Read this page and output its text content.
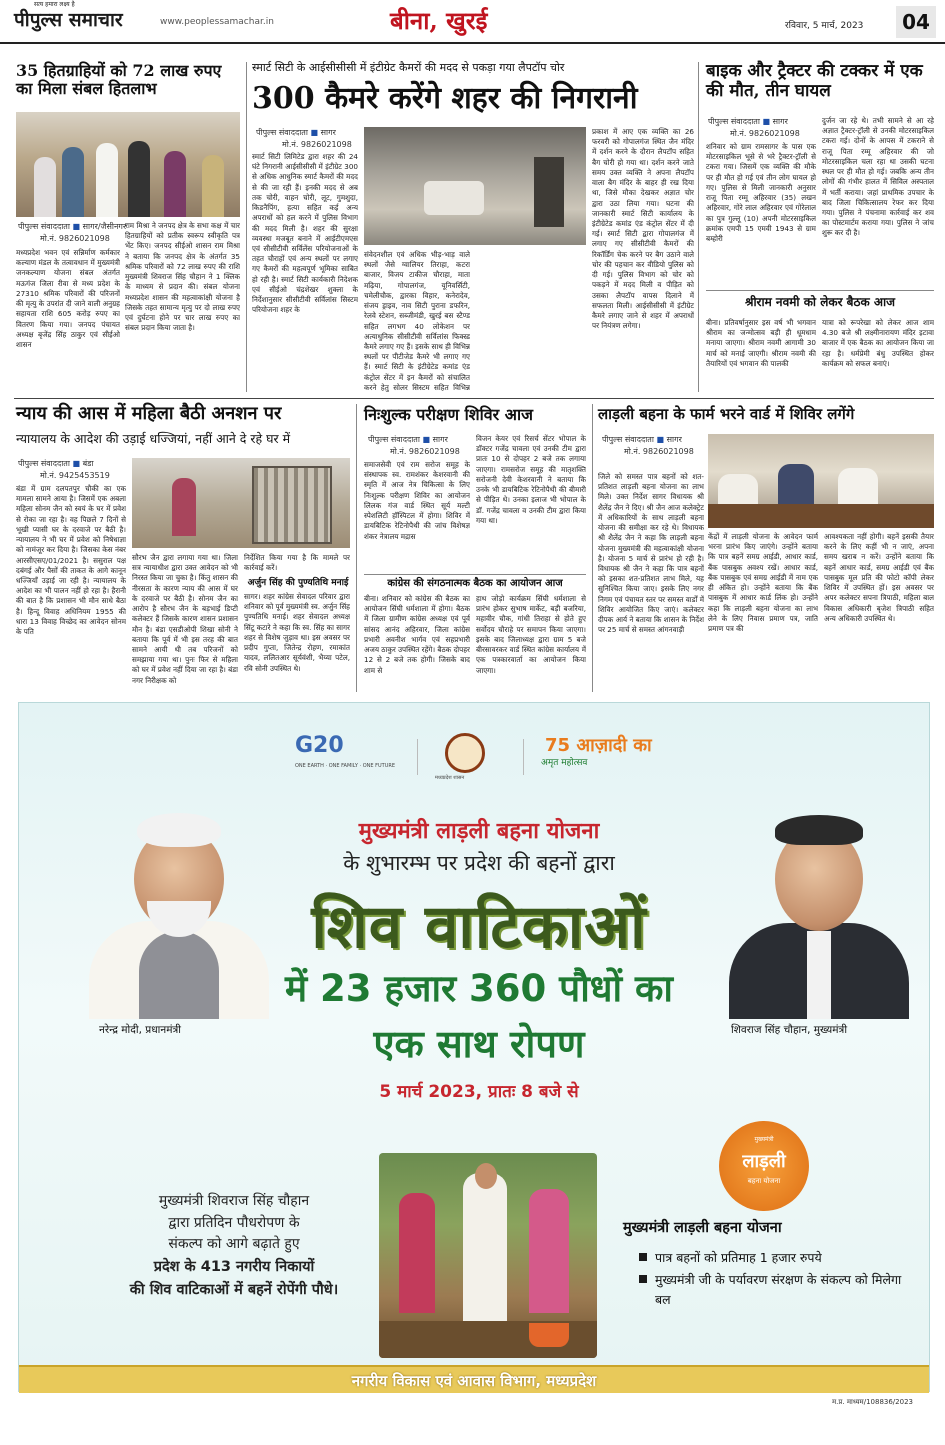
सत्य हमारा लक्ष्य है
पीपुल्स समाचार	www.peoplessamachar.in	बीना, खुरई	रविवार, 5 मार्च, 2023	04
35 हितग्राहियों को 72 लाख रुपए का मिला संबल हितलाभ
पीपुल्स संवाददाता ■ सागर/जैसीनगर
मो.नं. 9826021098
मध्यप्रदेश भवन एवं सन्निर्माण कर्मकार कल्याण मंडल के तत्वावधान में मुख्यमंत्री जनकल्याण योजना संबल अंतर्गत मऊगंज जिला रीवा से मध्य प्रदेश के 27310 श्रमिक परिवारों की परिजनों की मृत्यु के उपरांत दी जाने वाली अनुग्रह सहायता राशि 605 करोड़ रुपए का वितरण किया गया। जनपद पंचायत अध्यक्ष बृजेंद्र सिंह ठाकुर एवं सीईओ शासन
राम मिश्रा ने जनपद क्षेत्र के सभा कक्ष में चार हितग्राहियों को प्रतीक स्वरूप स्वीकृति पत्र भेंट किए। जनपद सीईओ शासन राम मिश्रा ने बताया कि जनपद क्षेत्र के अंतर्गत 35 श्रमिक परिवारों को 72 लाख रुपए की राशि मुख्यमंत्री शिवराज सिंह चौहान ने 1 क्लिक के माध्यम से प्रदान की। संबल योजना मध्यप्रदेश शासन की महत्वाकांक्षी योजना है जिसके तहत सामान्य मृत्यु पर दो लाख रुपए एवं दुर्घटना होने पर चार लाख रुपए का संबल प्रदान किया जाता है।
स्मार्ट सिटी के आईसीसीसी में इंटीग्रेट कैमरों की मदद से पकड़ा गया लैपटॉप चोर
300 कैमरे करेंगे शहर की निगरानी
पीपुल्स संवाददाता ■ सागर
मो.नं. 9826021098
स्मार्ट सिटी लिमिटेड द्वारा शहर की 24 घंटे निगरानी आईसीसीसी में इंटीग्रेट 300 से अधिक आधुनिक स्मार्ट कैमरों की मदद से की जा रही हैं। इनकी मदद से अब तक चोरी, वाहन चोरी, लूट, गुमशुदा, किडनैपिंग, हत्या सहित कई अन्य अपराधों को हल करने में पुलिस विभाग की मदद मिली है। शहर की सुरक्षा व्यवस्था मजबूत बनाने में आईटीएमएस एवं सीसीटीवी सर्विलेंस परियोजनाओं के तहत चौराहों एवं अन्य स्थलों पर लगाए गए कैमरों की महत्वपूर्ण भूमिका साबित हो रही है। स्मार्ट सिटी कार्यकारी निदेशक एवं सीईओ चंद्रशेखर शुक्ला के निर्देशानुसार सीसीटीवी सर्विलांस सिस्टम परियोजना शहर के
संवेदनशील एवं अधिक भीड़-भाड़ वाले स्थलों जैसे ग्वालियर तिराहा, कटरा बाजार, विजय टाकीज चौराहा, माता मढ़िया, गोपालगंज, यूनिवर्सिटी, चमेलीचौक, द्वारका विहार, कनेरादेव, संजय ड्राइव, नाव सिटी पुराना डफरिन, रेलवे स्टेशन, सब्जीमंडी, खुरई बस स्टैण्ड सहित लगभग 40 लोकेशन पर अत्याधुनिक सीसीटीवी सर्विलांस फिक्स्ड कैमरे लगाए गए हैं। इसके साथ ही विभिन्न स्थलों पर पीटीजेड कैमरे भी लगाए गए हैं। स्मार्ट सिटी के इंटीग्रेटेड कमांड एंड कंट्रोल सेंटर में इन कैमरों को संचालित करने हेतु सोलर सिस्टम सहित विभिन्न
प्रकाश में आए एक व्यक्ति का 26 फरवरी को गोपालगंज स्थित जैन मंदिर में दर्शन करने के दौरान लैपटॉप सहित बैग चोरी हो गया था। दर्शन करने जाते समय उक्त व्यक्ति ने अपना लैपटॉप वाला बैग मंदिर के बाहर ही रख दिया था, जिसे मौका देखकर अज्ञात चोर द्वारा उठा लिया गया। घटना की जानकारी स्मार्ट सिटी कार्यालय के इंटीग्रेटेड कमांड एंड कंट्रोल सेंटर में दी गई। स्मार्ट सिटी द्वारा गोपालगंज में लगाए गए सीसीटीवी कैमरों की रिकॉर्डिंग चेक करने पर बैग उठाने वाले चोर की पहचान कर वीडियो पुलिस को दी गई। पुलिस विभाग को चोर को पकड़ने में मदद मिली व पीड़ित को उसका लैपटॉप वापस दिलाने में सफलता मिली। आईसीसीसी में इंटीग्रेट कैमरे लगाए जाने से शहर में अपराधों पर नियंत्रण लगेगा।
बाइक और ट्रैक्टर की टक्कर में एक की मौत, तीन घायल
पीपुल्स संवाददाता ■ सागर
मो.नं. 9826021098
शनिवार को ग्राम रामसागर के पास एक मोटरसाइकिल भूसे से भरे ट्रैक्टर-ट्रॉली से टकरा गया। जिसमें एक व्यक्ति की मौके पर ही मौत हो गई एवं तीन लोग घायल हो गए। पुलिस से मिली जानकारी अनुसार राजू पिता रम्मू अहिरवार (35) लखन अहिरवार, गोरे लाल अहिरवार एवं गोरेलाल का पुत्र गुल्लू (10) अपनी मोटरसाइकिल क्रमांक एमपी 15 एमवी 1943 से ग्राम बम्होरी
दुर्जन जा रहे थे। तभी सामने से आ रहे अज्ञात ट्रैक्टर-ट्रॉली से उनकी मोटरसाइकिल टकरा गई। दोनों के आपस में टकराने से राजू पिता रम्मू अहिरवार की जो मोटरसाइकिल चला रहा था उसकी घटना स्थल पर ही मौत हो गई। जबकि अन्य तीन लोगों की गंभीर हालत में सिविल अस्पताल में भर्ती कराया। जहां प्राथमिक उपचार के बाद जिला चिकित्सालय रेफर कर दिया गया। पुलिस ने पंचनामा कार्रवाई कर शव का पोस्टमार्टम कराया गया। पुलिस ने जांच शुरू कर दी है।
श्रीराम नवमी को लेकर बैठक आज
बीना। प्रतिवर्षानुसार इस वर्ष भी भगवान श्रीराम का जन्मोत्सव बड़ी ही धूमधाम मनाया जाएगा। श्रीराम नवमी आगामी 30 मार्च को मनाई जाएगी। श्रीराम नवमी की तैयारियों एवं भगवान की पालकी
यात्रा को रूपरेखा को लेकर आज शाम 4.30 बजे श्री लक्ष्मीनारायण मंदिर इटावा बाजार में एक बैठक का आयोजन किया जा रहा है। धर्मप्रेमी बंधु उपस्थित होकर कार्यक्रम को सफल बनाएं।
न्याय की आस में महिला बैठी अनशन पर
न्यायालय के आदेश की उड़ाई धज्जियां, नहीं आने दे रहे घर में
पीपुल्स संवाददाता ■ बंडा
मो.नं. 9425453519
बंडा में ग्राम दलपतपुर चौकी का एक मामला सामने आया है। जिसमें एक अबला महिला सोनम जैन को स्वयं के घर में प्रवेश से रोका जा रहा है। वह पिछले 7 दिनों से भूखी प्यासी घर के दरवाजे पर बैठी है। न्यायालय ने भी घर में प्रवेश को निषेधाज्ञा को नामंजूर कर दिया है। जिसका केस नंबर आरसीएसए/01/2021 है। ससुराल पक्ष दबंगई और पैसों की ताकत के आगे कानून धज्जियाँ उड़ाई जा रही है। न्यायालय के आदेश का भी पालन नहीं हो रहा है। हैरानी की बात है कि प्रशासन भी मौन साधे बैठा है। हिन्दू विवाह अधिनियम 1955 की धारा 13 विवाह विच्छेद का आवेदन सोनम के पति
सौरभ जैन द्वारा लगाया गया था। जिला सत्र न्यायाधीश द्वारा उक्त आवेदन को भी निरस्त किया जा चुका है। किंतु शासन की नीरसता के कारण न्याय की आस में घर के दरवाजे पर बैठी है। सोनम जैन का आरोप है सौरभ जैन के बड़भाई डिप्टी कलेक्टर हैं जिसके कारण शासन प्रशासन मौन है। बंडा एसडीओपी शिखा सोनी ने बताया कि पूर्व में भी इस तरह की बात सामने आयी थी तब परिजनों को समझाया गया था। पुनः फिर से महिला को घर में प्रवेश नहीं दिया जा रहा है। बंडा नगर निरीक्षक को
निर्देशित किया गया है कि मामले पर कार्रवाई करें।
अर्जुन सिंह की पुण्यतिथि मनाई
सागर। शहर कांग्रेस सेवादल परिवार द्वारा शनिवार को पूर्व मुख्यमंत्री स्व. अर्जुन सिंह पुण्यतिथि मनाई। शहर सेवादल अध्यक्ष सिंटू कटारे ने कहा कि स्व. सिंह का सागर शहर से विशेष जुड़ाव था। इस अवसर पर प्रदीप गुप्ता, जितेन्द्र रोहण, रमाकांत यादव, ललितआर सूर्यवंशी, भैय्या पटेल, रवि सोनी उपस्थित थे।
निःशुल्क परीक्षण शिविर आज
पीपुल्स संवाददाता ■ सागर
मो.नं. 9826021098
समाजसेवी एवं राम सरोज समूह के संस्थापक स्व. रामशंकर केशरवानी की स्मृति में आज नेत्र चिकित्सा के लिए निःशुल्क परीक्षण शिविर का आयोजन लिलक गंज वार्ड स्थित सूर्य मल्टी स्पेशलिटी हॉस्पिटल में होगा। शिविर में डायबिटिक रेटिनोपैथी की जांच विशेषज्ञ शंकर नेत्रालय मद्रास
विजन केयर एवं रिसर्च सेंटर भोपाल के डॉक्टर गजेंद्र चावला एवं उनकी टीम द्वारा प्रातः 10 से दोपहर 2 बजे तक लगाया जाएगा। रामसरोज समूह की मातृशक्ति सरोजनी देवी केशरवानी ने बताया कि उनके भी डायबिटिक रेटिनोपैथी की बीमारी से पीड़ित थे। उनका इलाज भी भोपाल के डॉ. गजेंद्र चावला व उनकी टीम द्वारा किया गया था।
कांग्रेस की संगठनात्मक बैठक का आयोजन आज
बीना। शनिवार को कांग्रेस की बैठक का आयोजन सिंघी धर्मशाला में होगा। बैठक में जिला ग्रामीण कांग्रेस अध्यक्ष एवं पूर्व सांसद आनंद अहिरवार, जिला कांग्रेस प्रभारी अवनीश भार्गव एवं सहप्रभारी अजय ठाकुर उपस्थित रहेंगे। बैठक दोपहर 12 से 2 बजे तक होगी। जिसके बाद शाम से
हाथ जोड़ो कार्यक्रम सिंघी धर्मशाला से प्रारंभ होकर सुभाष मार्केट, बड़ी बजरिया, महावीर चौक, गांधी तिराहा से होते हुए सर्वोदय चौराहे पर समापन किया जाएगा। इसके बाद जिलाध्यक्ष द्वारा ग्राम 5 बजे बीरसावरकर वार्ड स्थित कांग्रेस कार्यालय में एक पत्रकारवार्ता का आयोजन किया जाएगा।
लाड़ली बहना के फार्म भरने वार्ड में शिविर लगेंगे
पीपुल्स संवाददाता ■ सागर
मो.नं. 9826021098
जिले को समस्त पात्र बहनों को शत-प्रतिशत लाड़ली बहना योजना का लाभ मिले। उक्त निर्देश सागर विधायक श्री शैलेंद्र जैन ने दिए। श्री जैन आज कलेक्ट्रेट में अधिकारियों के साथ लाड़ली बहना योजना की समीक्षा कर रहे थे। विधायक श्री शैलेंद्र जैन ने कहा कि लाड़ली बहना योजना मुख्यमंत्री की महत्वाकांक्षी योजना है। योजना 5 मार्च से प्रारंभ हो रही है। विधायक श्री जैन ने कहा कि पात्र बहनों को इसका शत-प्रतिशत लाभ मिले, यह सुनिश्चित किया जाए। इसके लिए नगर निगम एवं पंचायत स्तर पर समस्त वार्डों में शिविर आयोजित किए जाएं। कलेक्टर दीपक आर्य ने बताया कि शासन के निर्देश पर 25 मार्च से समस्त आंगनवाड़ी
केंद्रों में लाड़ली योजना के आवेदन फार्म भरना प्रारंभ किए जाएंगे। उन्होंने बताया कि पात्र बहनें समग्र आईडी, आधार कार्ड, बैंक पासबुक अवश्य रखें। आधार कार्ड, बैंक पासबुक एवं समग्र आईडी में नाम एक ही अंकित हो। उन्होंने बताया कि बैंक पासबुक में आधार कार्ड लिंक हो। उन्होंने कहा कि लाड़ली बहना योजना का लाभ लेने के लिए निवास प्रमाण पत्र, जाति प्रमाण पत्र की
आवश्यकता नहीं होगी। बहनें इसकी तैयार करने के लिए कहीं भी न जाएं, अपना समय खराब न करें। उन्होंने बताया कि बहनें आधार कार्ड, समग्र आईडी एवं बैंक पासबुक मूल प्रति की फोटो कॉपी लेकर शिविर में उपस्थित हों। इस अवसर पर अपर कलेक्टर सपना त्रिपाठी, महिला बाल विकास अधिकारी बृजेश त्रिपाठी सहित अन्य अधिकारी उपस्थित थे।
G20
ONE EARTH · ONE FAMILY · ONE FUTURE
मध्यप्रदेश शासन
75 आज़ादी का
अमृत महोत्सव
मुख्यमंत्री लाड़ली बहना योजना
के शुभारम्भ पर प्रदेश की बहनों द्वारा
शिव वाटिकाओं
में 23 हजार 360 पौधों का
एक साथ रोपण
5 मार्च 2023, प्रातः 8 बजे से
नरेन्द्र मोदी, प्रधानमंत्री	शिवराज सिंह चौहान, मुख्यमंत्री
मुख्यमंत्री शिवराज सिंह चौहान
द्वारा प्रतिदिन पौधरोपण के
संकल्प को आगे बढ़ाते हुए
प्रदेश के 413 नगरीय निकायों
की शिव वाटिकाओं में बहनें रोपेंगी पौधे।
मुख्यमंत्री
लाड़ली
बहना योजना
मुख्यमंत्री लाड़ली बहना योजना
पात्र बहनों को प्रतिमाह 1 हजार रुपये
मुख्यमंत्री जी के पर्यावरण संरक्षण के संकल्प को मिलेगा बल
नगरीय विकास एवं आवास विभाग, मध्यप्रदेश
म.प्र. माध्यम/108836/2023
